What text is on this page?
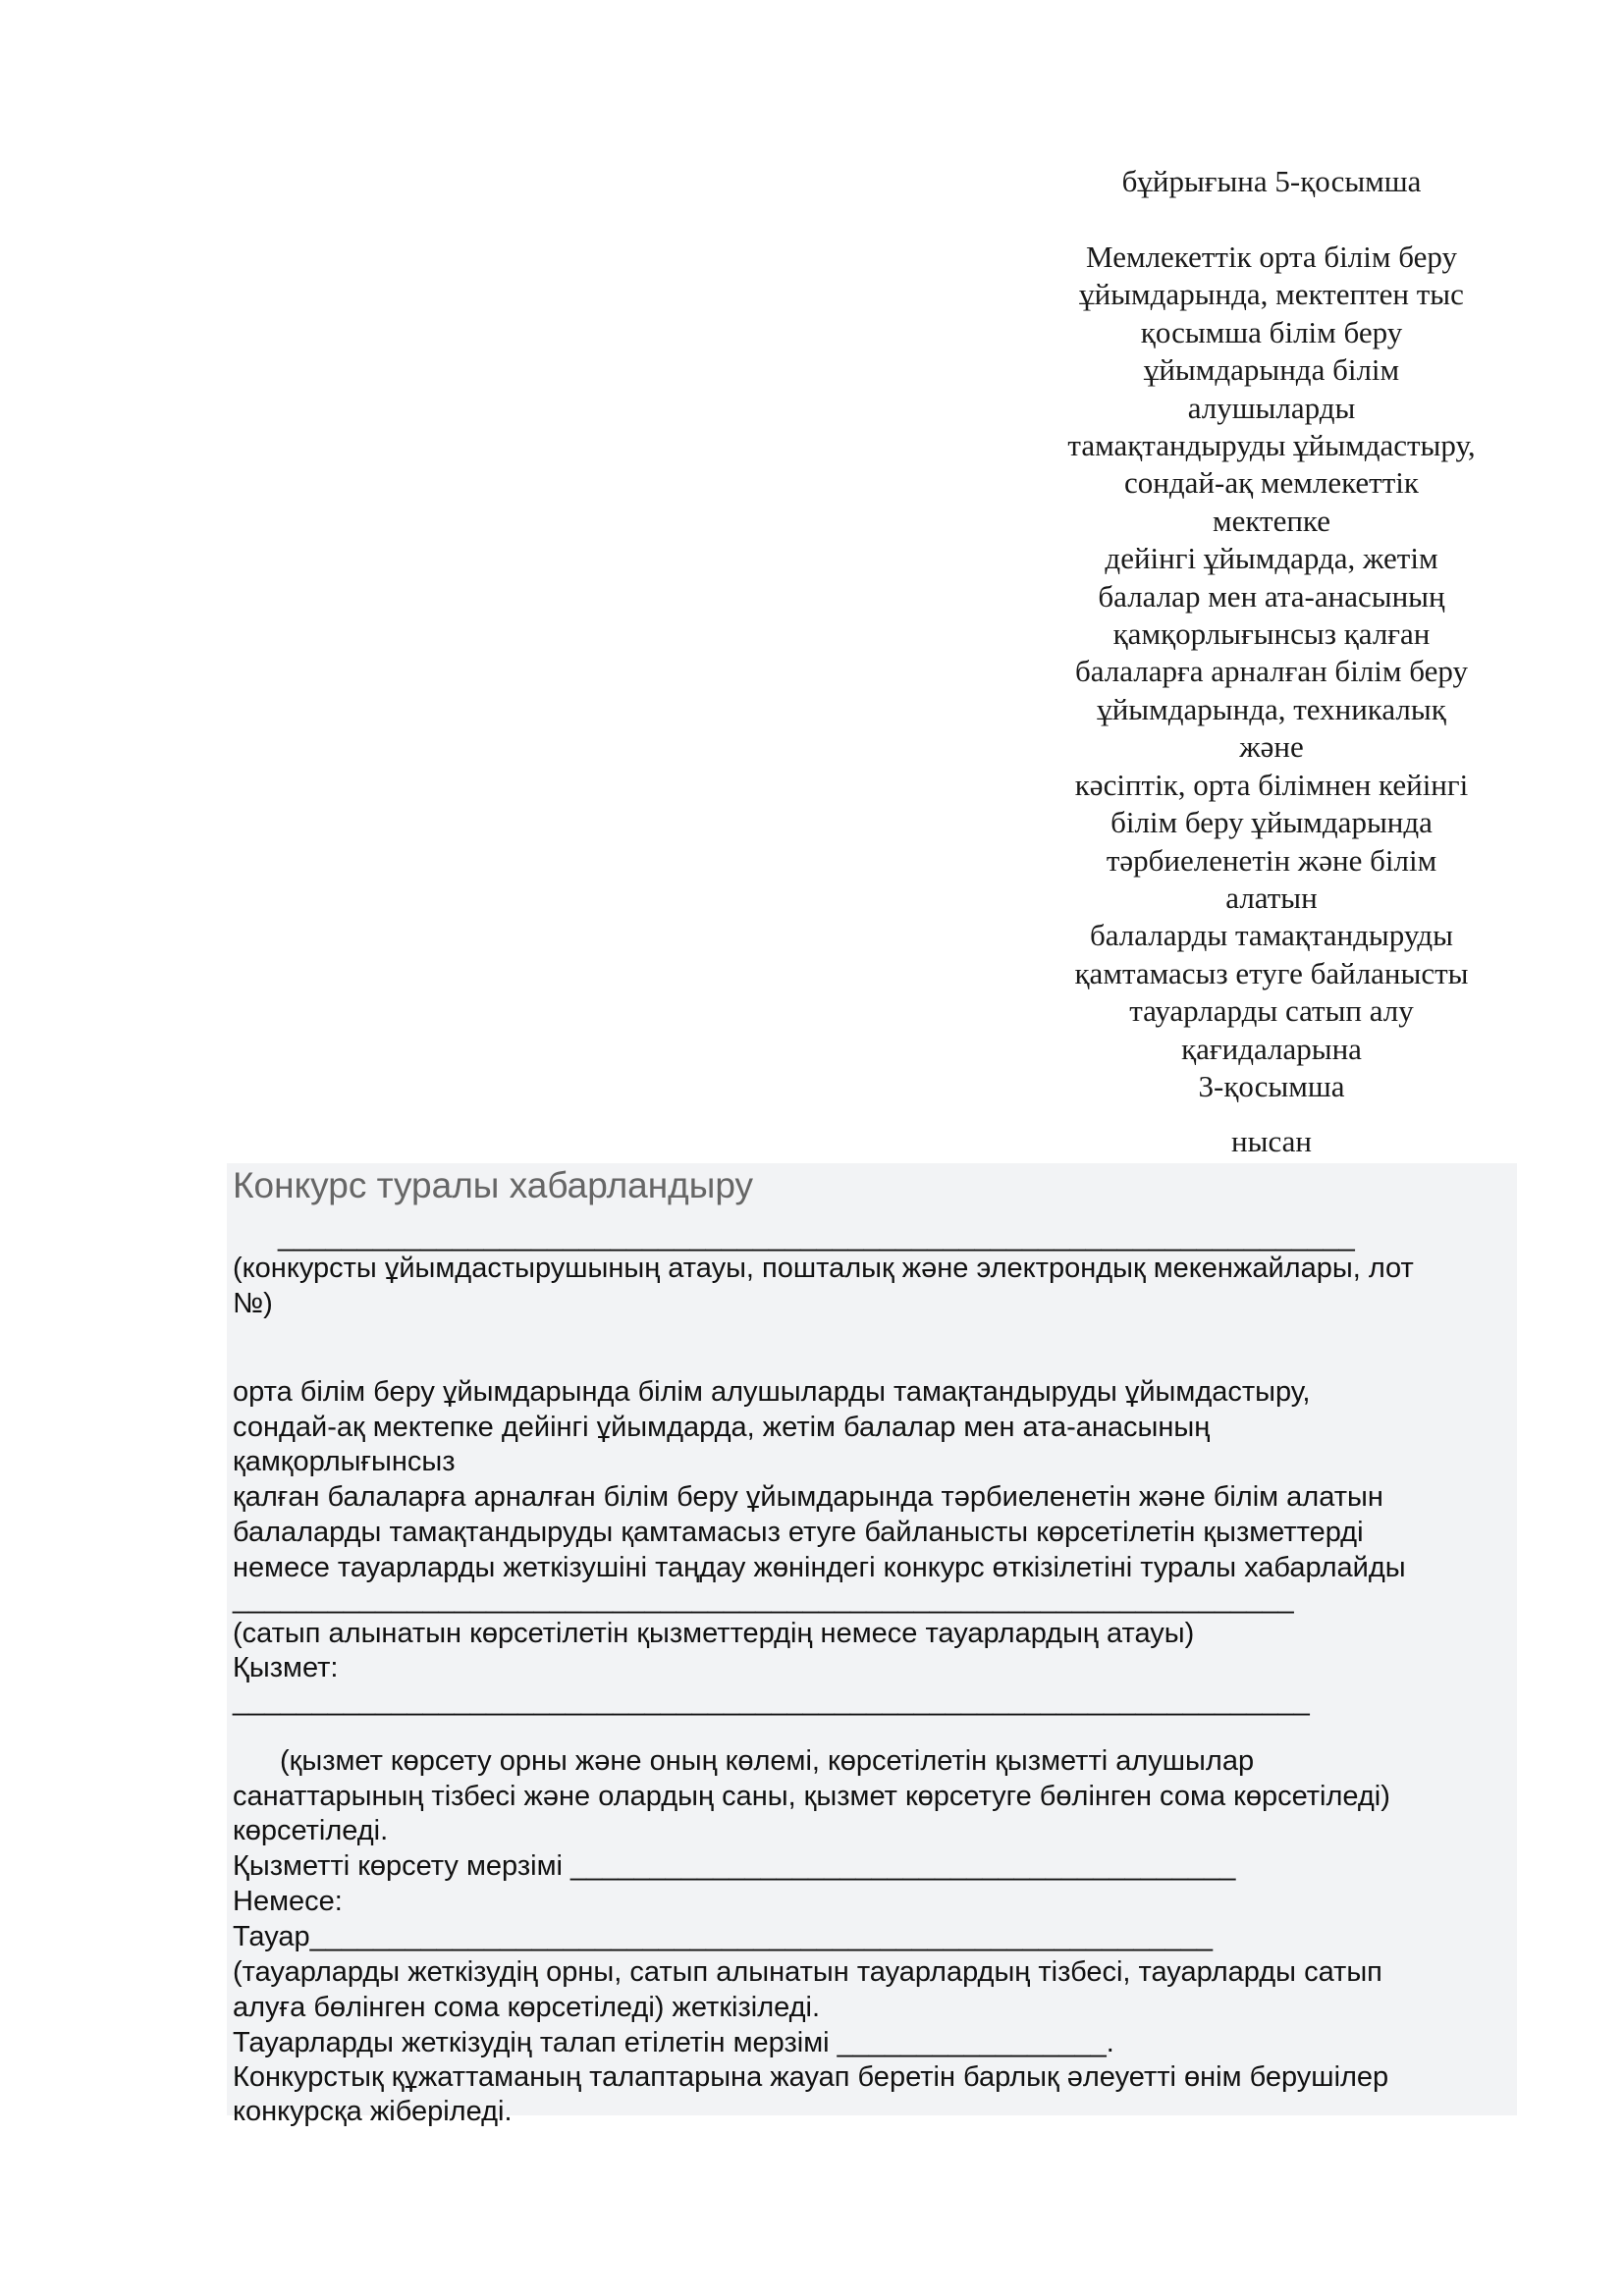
бұйрығына 5-қосымша
Мемлекеттік орта білім беру
ұйымдарында, мектептен тыс
қосымша білім беру
ұйымдарында білім
алушыларды
тамақтандыруды ұйымдастыру,
сондай-ақ мемлекеттік
мектепке
дейінгі ұйымдарда, жетім
балалар мен ата-анасының
қамқорлығынсыз қалған
балаларға арналған білім беру
ұйымдарында, техникалық
және
кәсіптік, орта білімнен кейінгі
білім беру ұйымдарында
тәрбиеленетін және білім
алатын
балаларды тамақтандыруды
қамтамасыз етуге байланысты
тауарларды сатып алу
қағидаларына
3-қосымша
нысан
Конкурс туралы хабарландыру
____________________________________________________________________
(конкурсты ұйымдастырушының атауы, пошталық және электрондық мекенжайлары, лот
№)
орта білім беру ұйымдарында білім алушыларды тамақтандыруды ұйымдастыру,
сондай-ақ мектепке дейінгі ұйымдарда, жетім балалар мен ата-анасының
қамқорлығынсыз
қалған балаларға арналған білім беру ұйымдарында тәрбиеленетін және білім алатын
балаларды тамақтандыруды қамтамасыз етуге байланысты көрсетілетін қызметтерді
немесе тауарларды жеткізушіні таңдау жөніндегі конкурс өткізілетіні туралы хабарлайды
___________________________________________________________________
(сатып алынатын көрсетілетін қызметтердің немесе тауарлардың атауы)
Қызмет:
____________________________________________________________________
(қызмет көрсету орны және оның көлемі, көрсетілетін қызметті алушылар
санаттарының тізбесі және олардың саны, қызмет көрсетуге бөлінген сома көрсетіледі)
көрсетіледі.
Қызметті көрсету мерзімі __________________________________________
Немесе:
Тауар_________________________________________________________
(тауарларды жеткізудің орны, сатып алынатын тауарлардың тізбесі, тауарларды сатып
алуға бөлінген сома көрсетіледі) жеткізіледі.
Тауарларды жеткізудің талап етілетін мерзімі _________________.
Конкурстық құжаттаманың талаптарына жауап беретін барлық әлеуетті өнім берушілер
конкурсқа жіберіледі.
